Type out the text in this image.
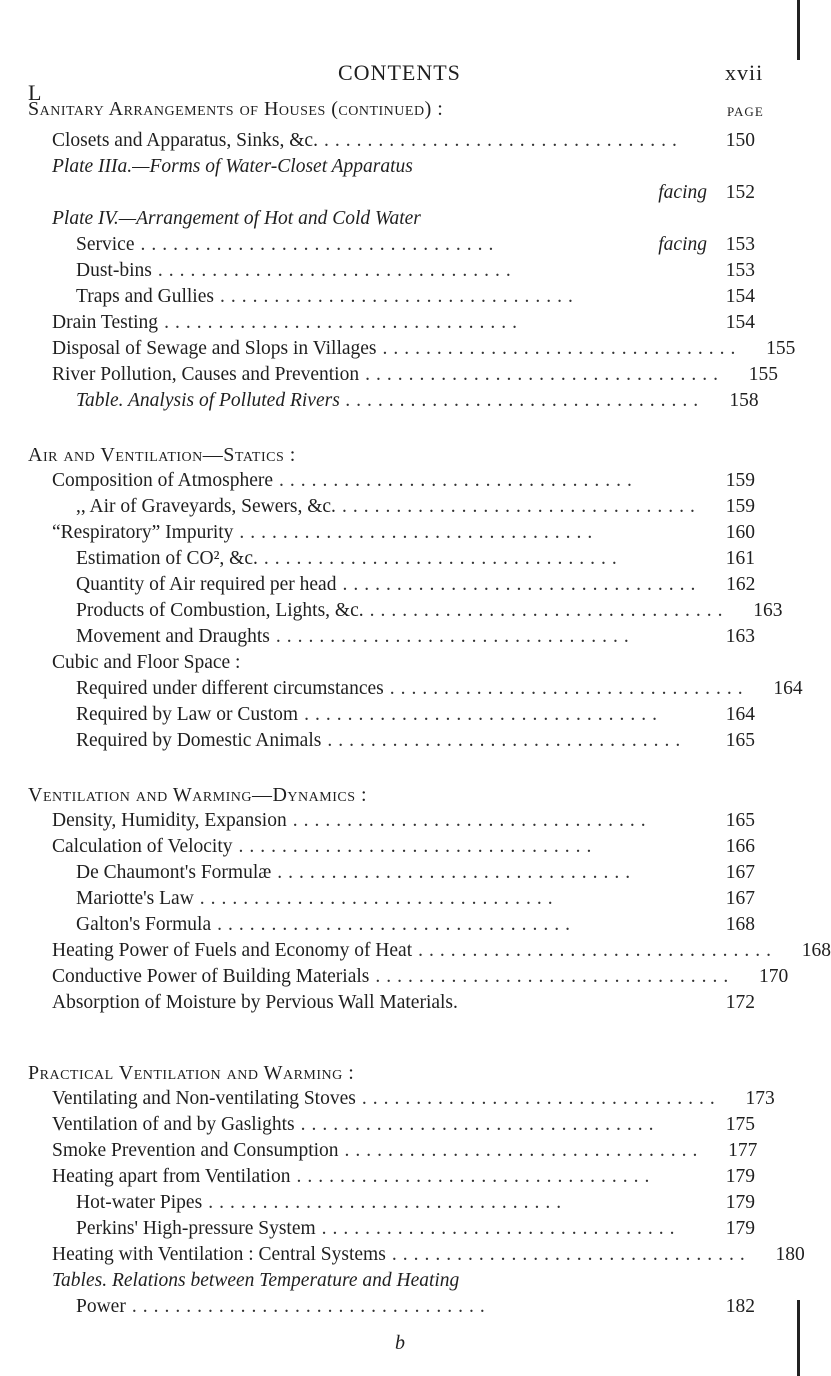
L
CONTENTS	xvii
PAGE
Sanitary Arrangements of Houses (continued) :
Closets and Apparatus, Sinks, &c. .................................	150
Plate IIIa.—Forms of Water-Closet Apparatus
facing 152
Plate IV.—Arrangement of Hot and Cold Water
Service .................................	facing 153
Dust-bins .................................	153
Traps and Gullies .................................	154
Drain Testing .................................	154
Disposal of Sewage and Slops in Villages .................................	155
River Pollution, Causes and Prevention .................................	155
Table. Analysis of Polluted Rivers .................................	158
Air and Ventilation—Statics :
Composition of Atmosphere .................................	159
,, Air of Graveyards, Sewers, &c. .................................	159
“Respiratory” Impurity .................................	160
Estimation of CO², &c. .................................	161
Quantity of Air required per head .................................	162
Products of Combustion, Lights, &c. .................................	163
Movement and Draughts .................................	163
Cubic and Floor Space :
Required under different circumstances .................................	164
Required by Law or Custom .................................	164
Required by Domestic Animals .................................	165
Ventilation and Warming—Dynamics :
Density, Humidity, Expansion .................................	165
Calculation of Velocity .................................	166
De Chaumont's Formulæ .................................	167
Mariotte's Law .................................	167
Galton's Formula .................................	168
Heating Power of Fuels and Economy of Heat .................................	168
Conductive Power of Building Materials .................................	170
Absorption of Moisture by Pervious Wall Materials.	172
Practical Ventilation and Warming :
Ventilating and Non-ventilating Stoves .................................	173
Ventilation of and by Gaslights .................................	175
Smoke Prevention and Consumption .................................	177
Heating apart from Ventilation .................................	179
Hot-water Pipes .................................	179
Perkins' High-pressure System .................................	179
Heating with Ventilation : Central Systems .................................	180
Tables. Relations between Temperature and Heating
Power .................................	182
b
